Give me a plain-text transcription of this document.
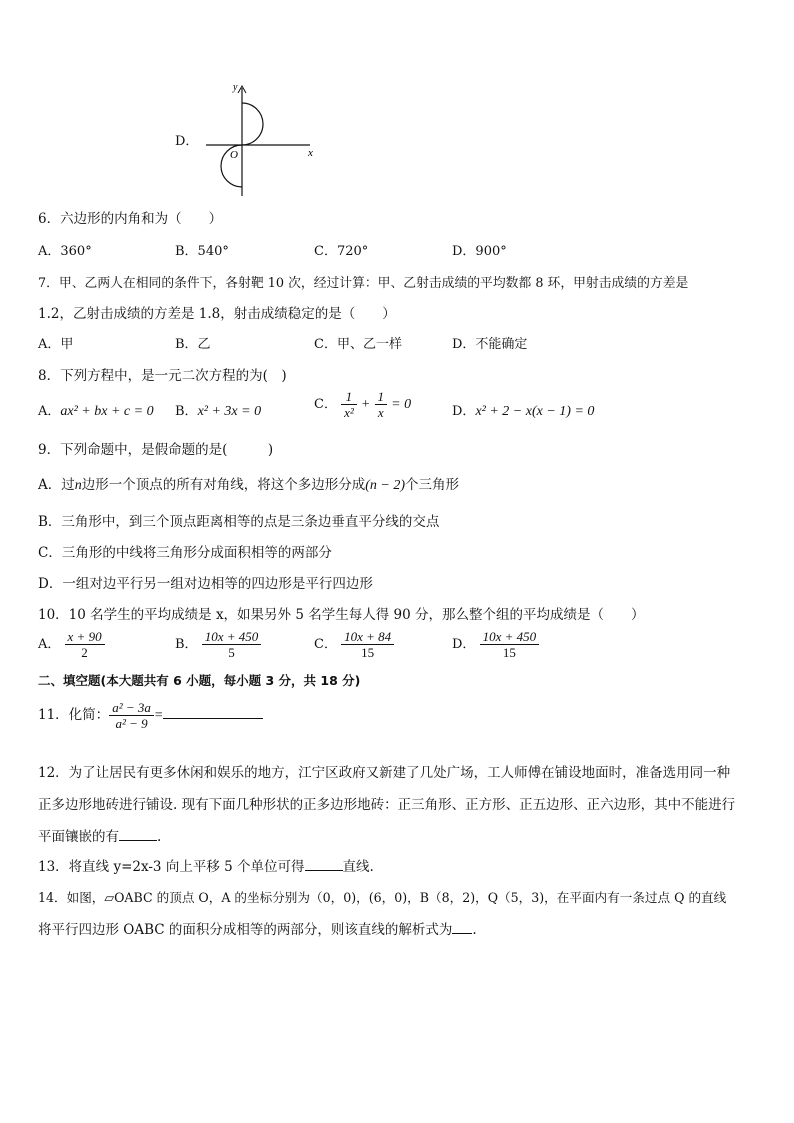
D．
y
x
O
6．六边形的内角和为（　　）
A．360°	B．540°	C．720°	D．900°
7．甲、乙两人在相同的条件下，各射靶 10 次，经过计算：甲、乙射击成绩的平均数都 8 环，甲射击成绩的方差是
1.2，乙射击成绩的方差是 1.8，射击成绩稳定的是（　　）
A．甲	B．乙	C．甲、乙一样	D．不能确定
8．下列方程中，是一元二次方程的为(　)
A．ax² + bx + c = 0 B．x² + 3x = 0	C． $\frac{1}{\text{x²}} + \frac{1}{x} = 0$	D．x² + 2 − x(x − 1) = 0
9．下列命题中，是假命题的是(　　　)
A．过n边形一个顶点的所有对角线，将这个多边形分成(n − 2)个三角形
B．三角形中，到三个顶点距离相等的点是三条边垂直平分线的交点
C．三角形的中线将三角形分成面积相等的两部分
D．一组对边平行另一组对边相等的四边形是平行四边形
10．10 名学生的平均成绩是 x，如果另外 5 名学生每人得 90 分，那么整个组的平均成绩是（　　）
A． $\frac{x + 90}{2}$	B． $\frac{10x + 450}{5}$	C． $\frac{10x + 84}{15}$	D． $\frac{10x + 450}{15}$
二、填空题(本大题共有 6 小题，每小题 3 分，共 18 分)
11．化简： $\frac{\text{a² − 3a}}{\text{a² − 9}}$ =
12．为了让居民有更多休闲和娱乐的地方，江宁区政府又新建了几处广场，工人师傅在铺设地面时，准备选用同一种
正多边形地砖进行铺设. 现有下面几种形状的正多边形地砖：正三角形、正方形、正五边形、正六边形，其中不能进行
平面镶嵌的有	.
13．将直线 y=2x-3 向上平移 5 个单位可得	直线.
14．如图，▱OABC 的顶点 O，A 的坐标分别为（0，0)，(6，0)，B（8，2)，Q（5，3)，在平面内有一条过点 Q 的直线
将平行四边形 OABC 的面积分成相等的两部分，则该直线的解析式为 .
